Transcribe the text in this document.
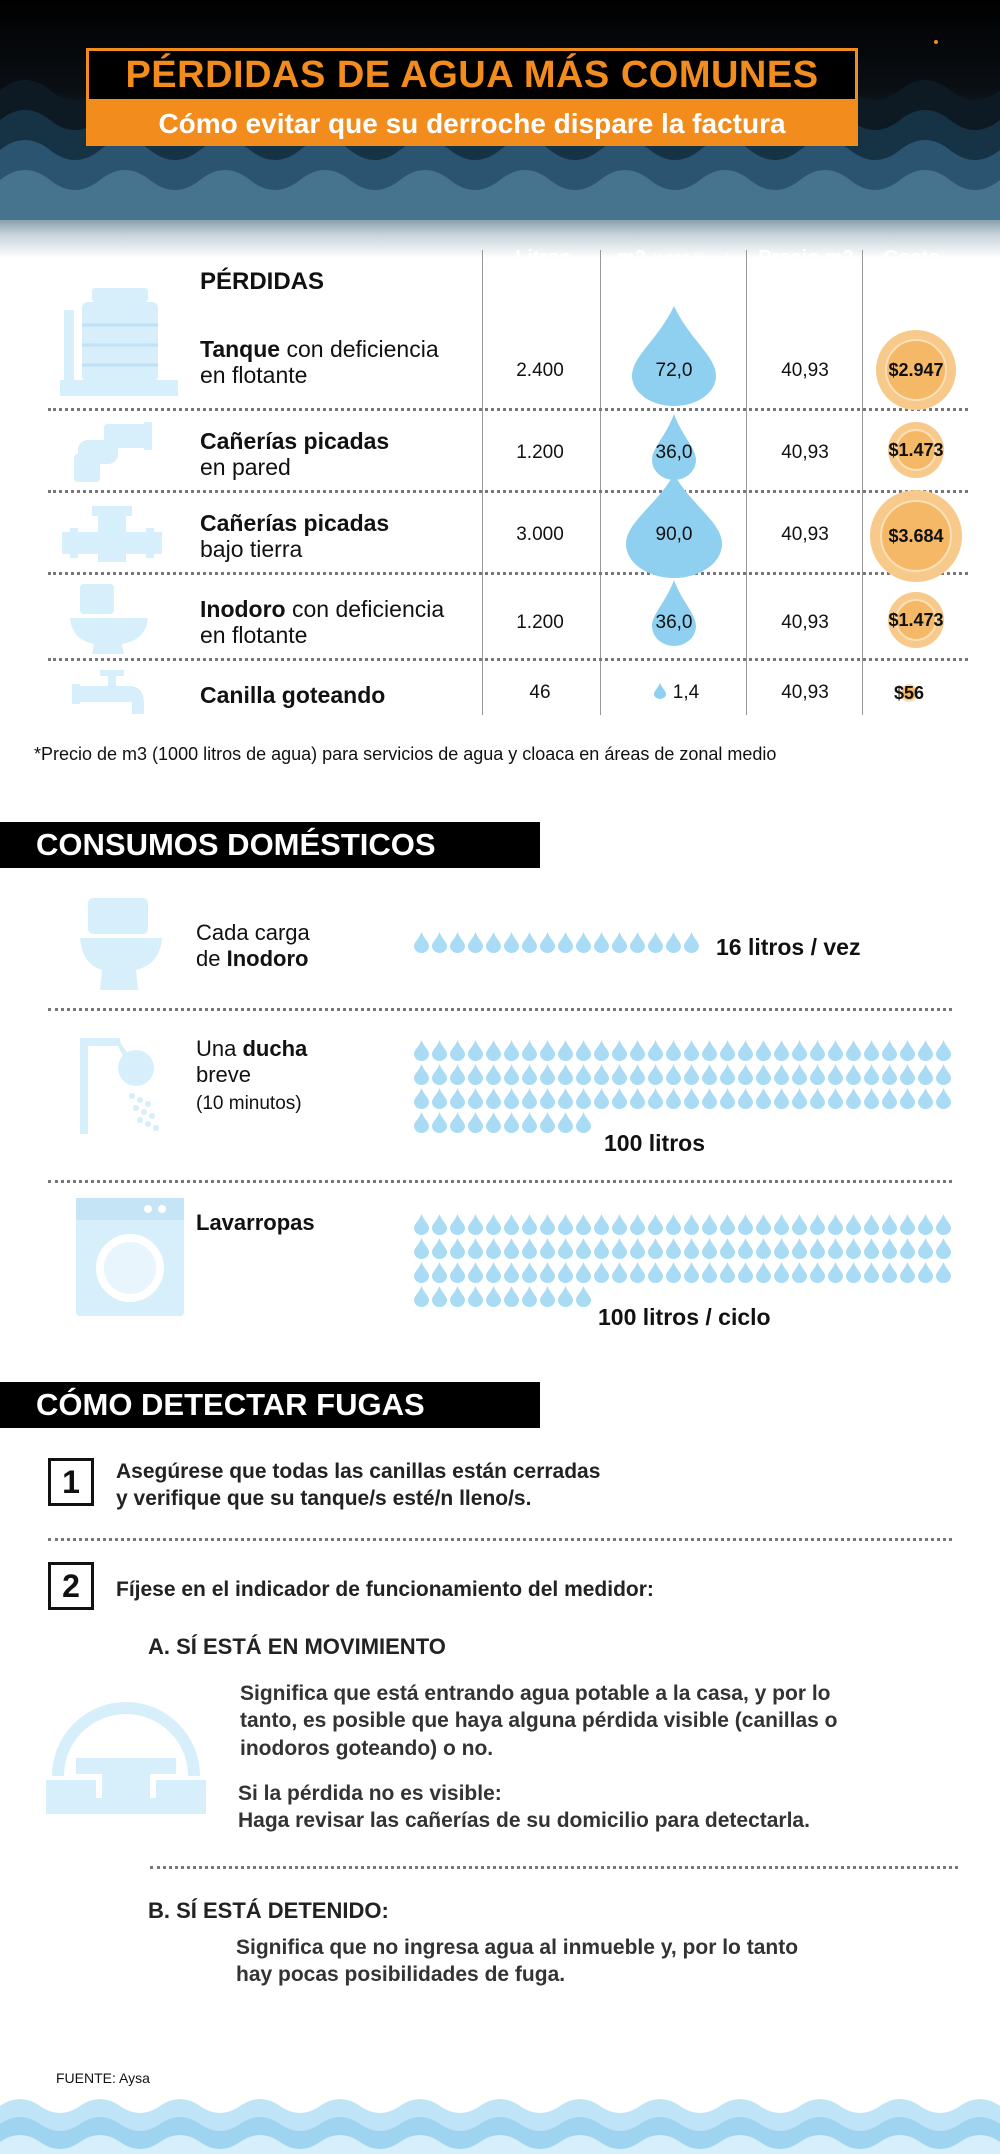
PÉRDIDAS DE AGUA MÁS COMUNES
Cómo evitar que su derroche dispare la factura
PÉRDIDAS
Litros
por día
m3 (1000 litros)
por mes
Precio m3
(1000 litros)
Costo
($/mes)
Tanque con deficiencia
en flotante
Cañerías picadas
en pared
Cañerías picadas
bajo tierra
Inodoro con deficiencia
en flotante
Canilla goteando
2.400
1.200
3.000
1.200
46
72,0
36,0
90,0
36,0
1,4
40,93
40,93
40,93
40,93
40,93
$2.947
$1.473
$3.684
$1.473
$56
*Precio de m3 (1000 litros de agua) para servicios de agua y cloaca en áreas de zonal medio
CONSUMOS DOMÉSTICOS
Cada carga
de Inodoro	16 litros / vez
Una ducha
breve
(10 minutos)
100 litros
Lavarropas
100 litros / ciclo
CÓMO DETECTAR FUGAS
1 Asegúrese que todas las canillas están cerradas
y verifique que su tanque/s esté/n lleno/s.
2 Fíjese en el indicador de funcionamiento del medidor:
A. SÍ ESTÁ EN MOVIMIENTO
Significa que está entrando agua potable a la casa, y por lo
tanto, es posible que haya alguna pérdida visible (canillas o
inodoros goteando) o no.
Si la pérdida no es visible:
Haga revisar las cañerías de su domicilio para detectarla.
B. SÍ ESTÁ DETENIDO:
Significa que no ingresa agua al inmueble y, por lo tanto
hay pocas posibilidades de fuga.
FUENTE: Aysa
